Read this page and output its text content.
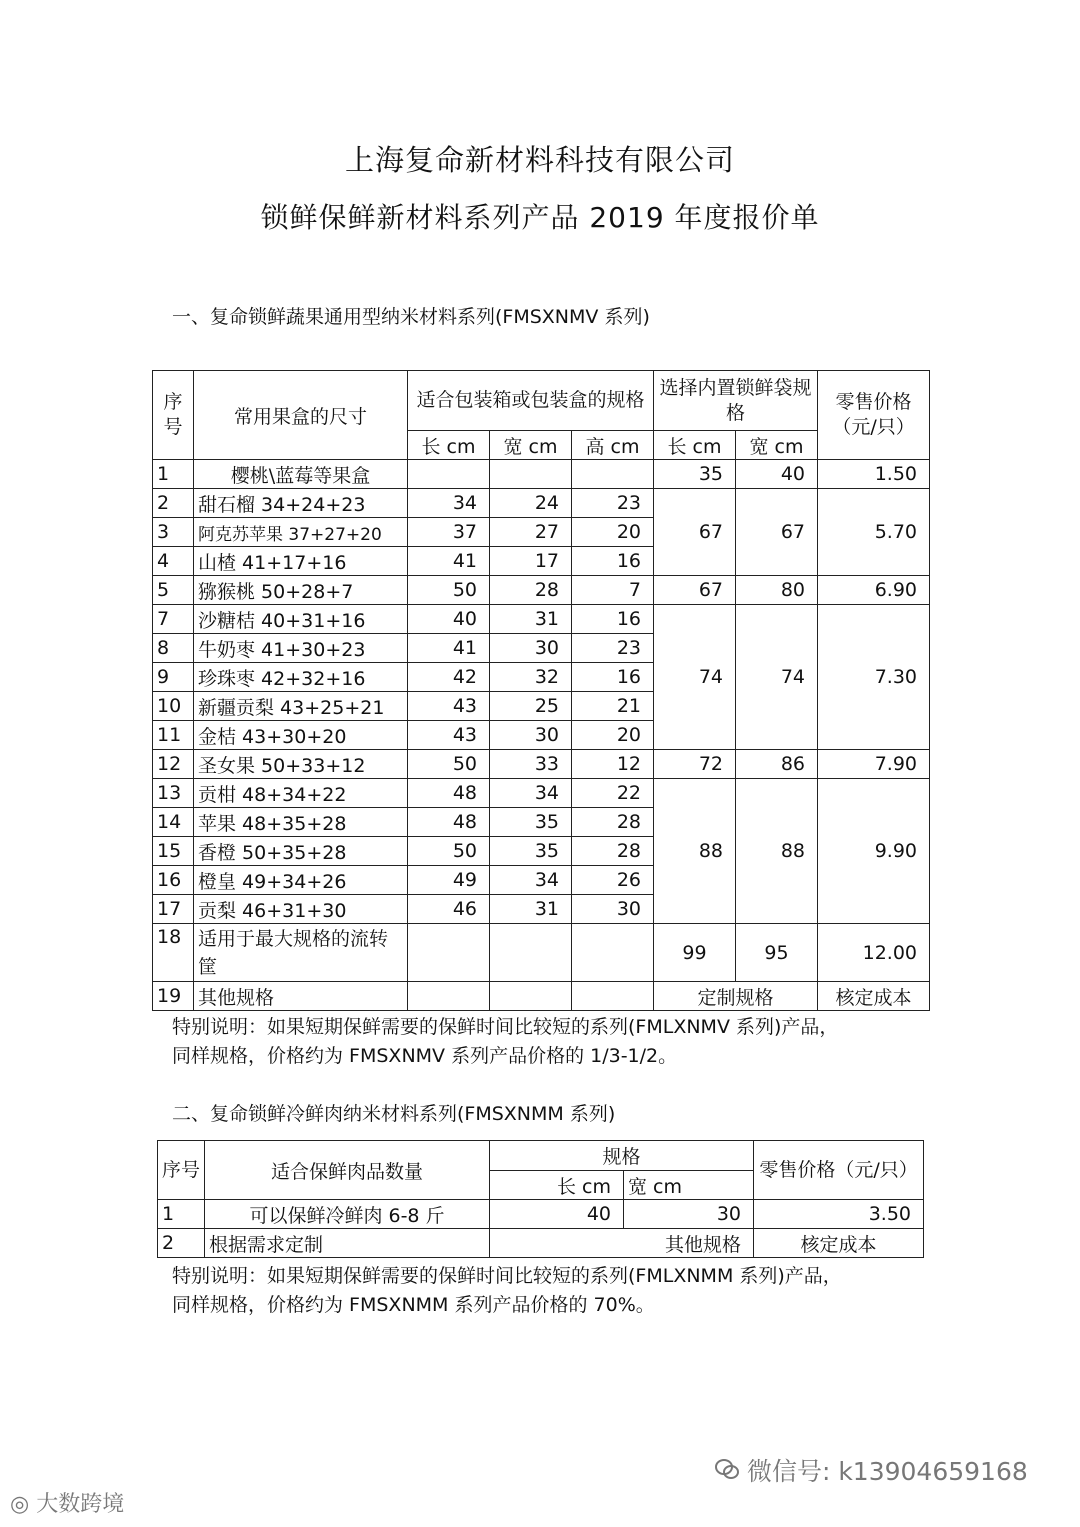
上海复命新材料科技有限公司
锁鲜保鲜新材料系列产品 2019 年度报价单
一、复命锁鲜蔬果通用型纳米材料系列(FMSXNMV 系列)
序号	常用果盒的尺寸	适合包装箱或包装盒的规格			选择内置锁鲜袋规格		零售价格（元/只）
		长 cm	宽 cm	高 cm	长 cm	宽 cm	
1	樱桃\蓝莓等果盒				35	40	1.50
2	甜石榴 34+24+23	34	24	23	67	67	5.70
3	阿克苏苹果 37+27+20	37	27	20			
4	山楂 41+17+16	41	17	16			
5	猕猴桃 50+28+7	50	28	7	67	80	6.90
7	沙糖桔 40+31+16	40	31	16	74	74	7.30
8	牛奶枣 41+30+23	41	30	23			
9	珍珠枣 42+32+16	42	32	16			
10	新疆贡梨 43+25+21	43	25	21			
11	金桔 43+30+20	43	30	20			
12	圣女果 50+33+12	50	33	12	72	86	7.90
13	贡柑 48+34+22	48	34	22	88	88	9.90
14	苹果 48+35+28	48	35	28			
15	香橙 50+35+28	50	35	28			
16	橙皇 49+34+26	49	34	26			
17	贡梨 46+31+30	46	31	30			
18	适用于最大规格的流转筐				99	95	12.00
19	其他规格				定制规格		核定成本
特别说明：如果短期保鲜需要的保鲜时间比较短的系列(FMLXNMV 系列)产品，
同样规格，价格约为 FMSXNMV 系列产品价格的 1/3-1/2。
二、复命锁鲜冷鲜肉纳米材料系列(FMSXNMM 系列)
序号	适合保鲜肉品数量	规格		零售价格（元/只）
		长 cm	宽 cm	
1	可以保鲜冷鲜肉 6-8 斤	40	30	3.50
2	根据需求定制	其他规格		核定成本
特别说明：如果短期保鲜需要的保鲜时间比较短的系列(FMLXNMM 系列)产品，
同样规格，价格约为 FMSXNMM 系列产品价格的 70%。
◎ 大数跨境
微信号: k13904659168
